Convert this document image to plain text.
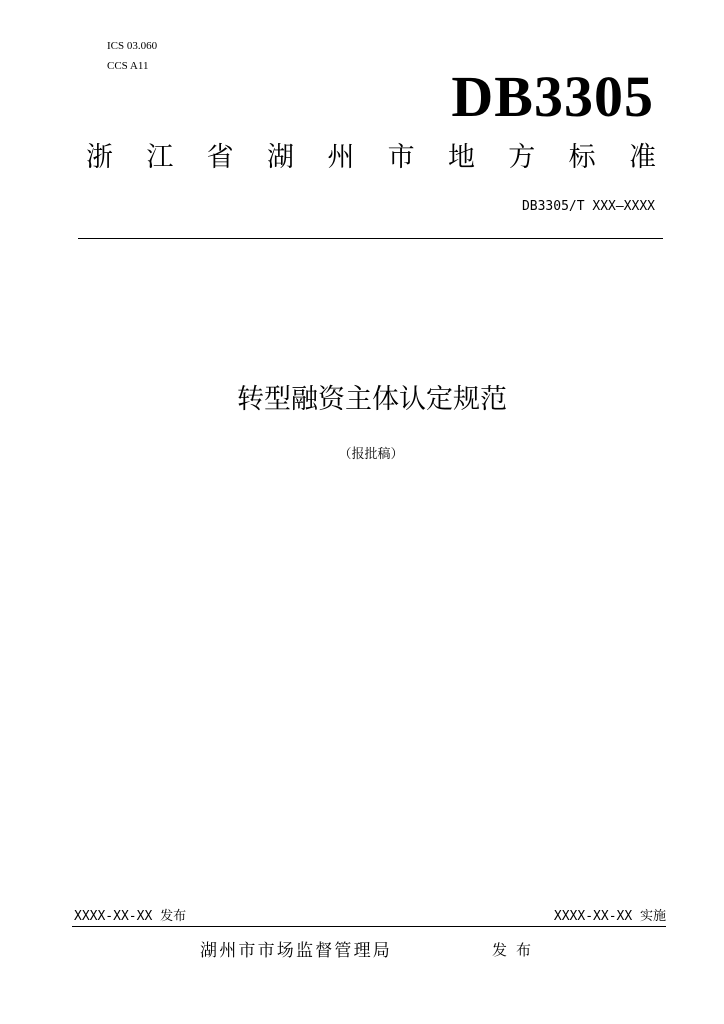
ICS 03.060
CCS A11	DB3305
浙 江 省 湖 州 市 地 方 标 准
DB3305/T XXX—XXXX
转型融资主体认定规范
（报批稿）
XXXX-XX-XX 发布	XXXX-XX-XX 实施
湖州市市场监督管理局	发布
